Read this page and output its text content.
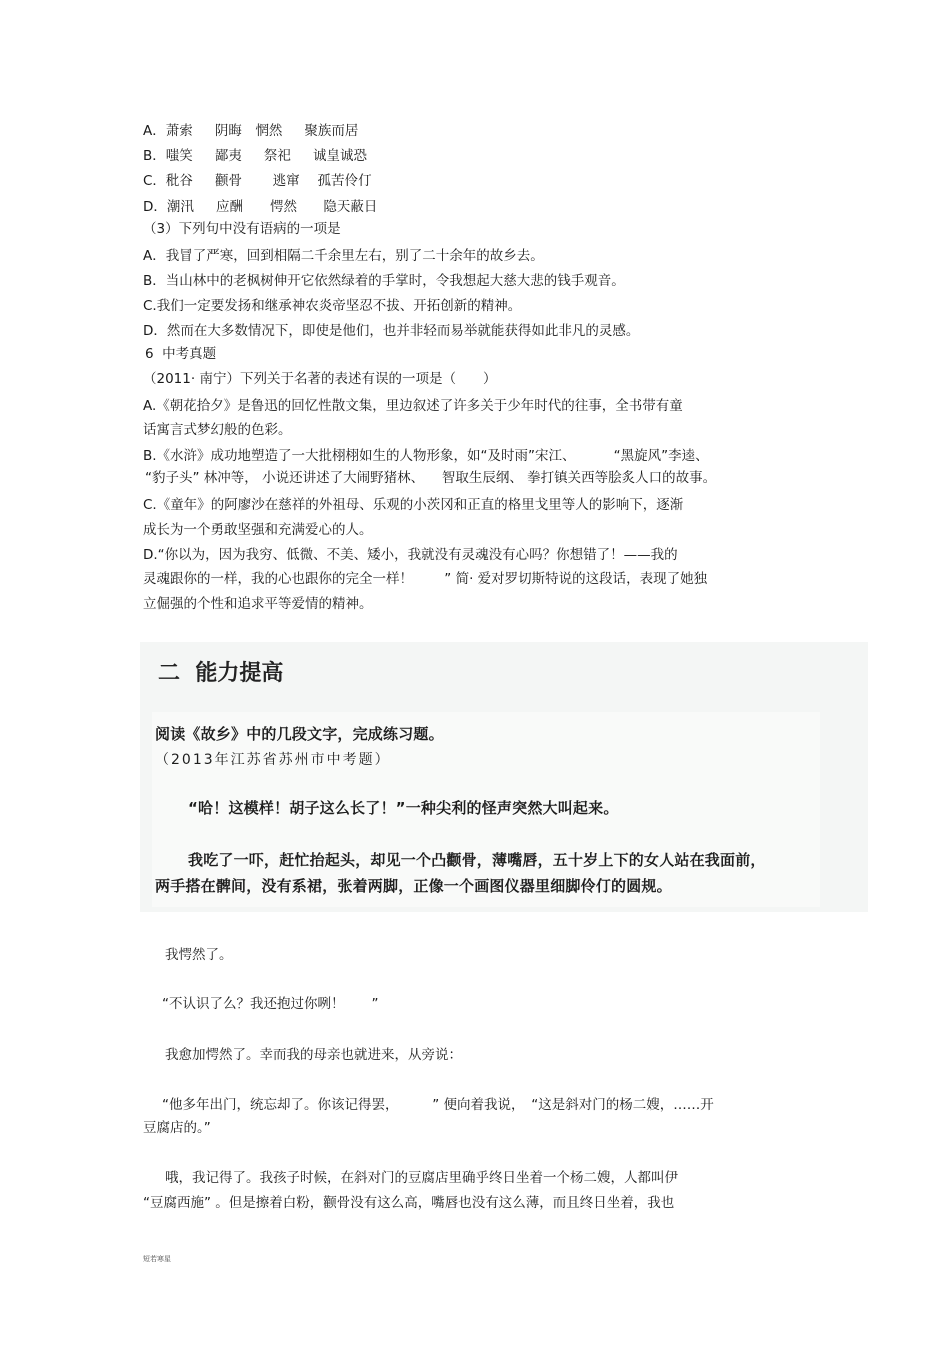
A．萧索　  阴晦　惘然 　 聚族而居
B．嗤笑　  鄙夷 　 祭祀　  诚皇诚恐
C．秕谷 　 颧骨  　  逃窜 　孤苦伶仃
D．潮汛 　 应酬　　愕然 　  隐天蔽日
（3）下列句中没有语病的一项是
A．我冒了严寒，回到相隔二千余里左右，别了二十余年的故乡去。
B．当山林中的老枫树伸开它依然绿着的手掌时，令我想起大慈大悲的钱手观音。
C.我们一定要发扬和继承神农炎帝坚忍不拔、开拓创新的精神。
D．然而在大多数情况下，即使是他们，也并非轻而易举就能获得如此非凡的灵感。
6  中考真题
（2011· 南宁）下列关于名著的表述有误的一项是（　　）
A.《朝花拾夕》是鲁迅的回忆性散文集，里边叙述了许多关于少年时代的往事，全书带有童
话寓言式梦幻般的色彩。
B.《水浒》成功地塑造了一大批栩栩如生的人物形象，如“及时雨”宋江、　 　　“黑旋风”李逵、
“豹子头” 林冲等， 小说还讲述了大闹野猪林、 　智取生辰纲、 拳打镇关西等脍炙人口的故事。
C.《童年》的阿廖沙在慈祥的外祖母、乐观的小茨冈和正直的格里戈里等人的影响下，逐渐
成长为一个勇敢坚强和充满爱心的人。
D.“你以为，因为我穷、低微、不美、矮小，我就没有灵魂没有心吗？你想错了！——我的
灵魂跟你的一样，我的心也跟你的完全一样！　 　” 简· 爱对罗切斯特说的这段话，表现了她独
立倔强的个性和追求平等爱情的精神。
二  能力提高
阅读《故乡》中的几段文字，完成练习题。
（2013年江苏省苏州市中考题）
“哈！这模样！胡子这么长了！”一种尖利的怪声突然大叫起来。
我吃了一吓，赶忙抬起头，却见一个凸颧骨，薄嘴唇，五十岁上下的女人站在我面前，
两手搭在髀间，没有系裙，张着两脚，正像一个画图仪器里细脚伶仃的圆规。
我愕然了。
“不认识了么？我还抱过你咧！　　”
我愈加愕然了。幸而我的母亲也就进来，从旁说：
“他多年出门，统忘却了。你该记得罢，　　　” 便向着我说，　“这是斜对门的杨二嫂，……开
豆腐店的。”
哦，我记得了。我孩子时候，在斜对门的豆腐店里确乎终日坐着一个杨二嫂，人都叫伊
“豆腐西施” 。但是擦着白粉，颧骨没有这么高，嘴唇也没有这么薄，而且终日坐着，我也
短若寒星
